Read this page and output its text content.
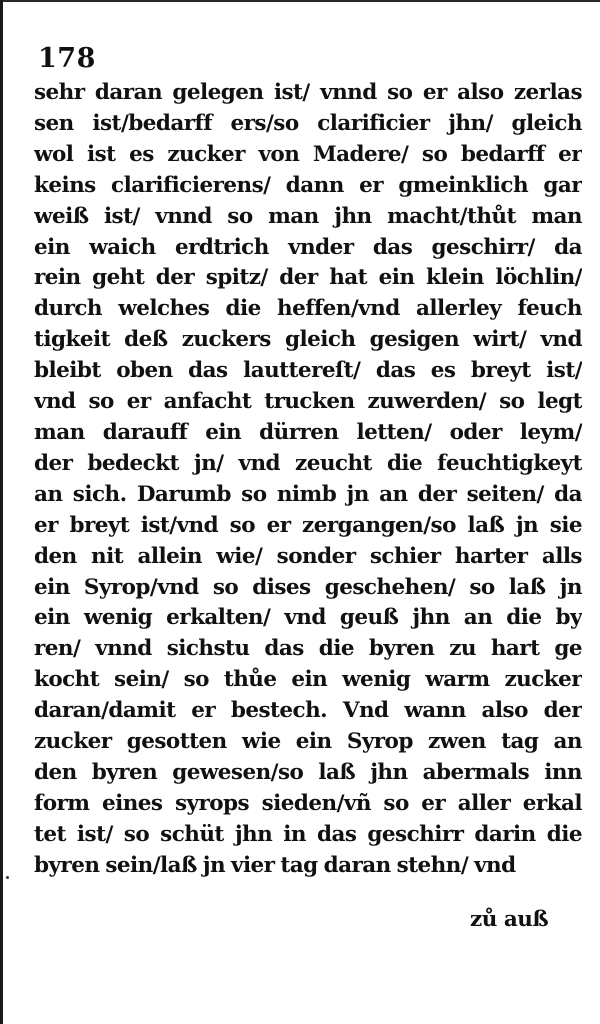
178
sehr daran gelegen ist/ vnnd so er also zerlas
sen ist/bedarff ers/so clarificier jhn/ gleich
wol ist es zucker von Madere/ so bedarff er
keins clarificierens/ dann er gmeinklich gar
weiß ist/ vnnd so man jhn macht/thůt man
ein waich erdtrich vnder das geschirr/ da
rein geht der spitz/ der hat ein klein löchlin/
durch welches die heffen/vnd allerley feuch
tigkeit deß zuckers gleich gesigen wirt/ vnd
bleibt oben das lauttereſt/ das es breyt ist/
vnd so er anfacht trucken zuwerden/ so legt
man darauff ein dürren letten/ oder leym/
der bedeckt jn/ vnd zeucht die feuchtigkeyt
an sich. Darumb so nimb jn an der seiten/ da
er breyt ist/vnd so er zergangen/so laß jn sie
den nit allein wie/ sonder schier harter alls
ein Syrop/vnd so dises geschehen/ so laß jn
ein wenig erkalten/ vnd geuß jhn an die by
ren/ vnnd sichstu das die byren zu hart ge
kocht sein/ so thůe ein wenig warm zucker
daran/damit er bestech. Vnd wann also der
zucker gesotten wie ein Syrop zwen tag an
den byren gewesen/so laß jhn abermals inn
form eines syrops sieden/vñ so er aller erkal
tet ist/ so schüt jhn in das geschirr darin die
byren sein/laß jn vier tag daran stehn/ vnd
zů auß
